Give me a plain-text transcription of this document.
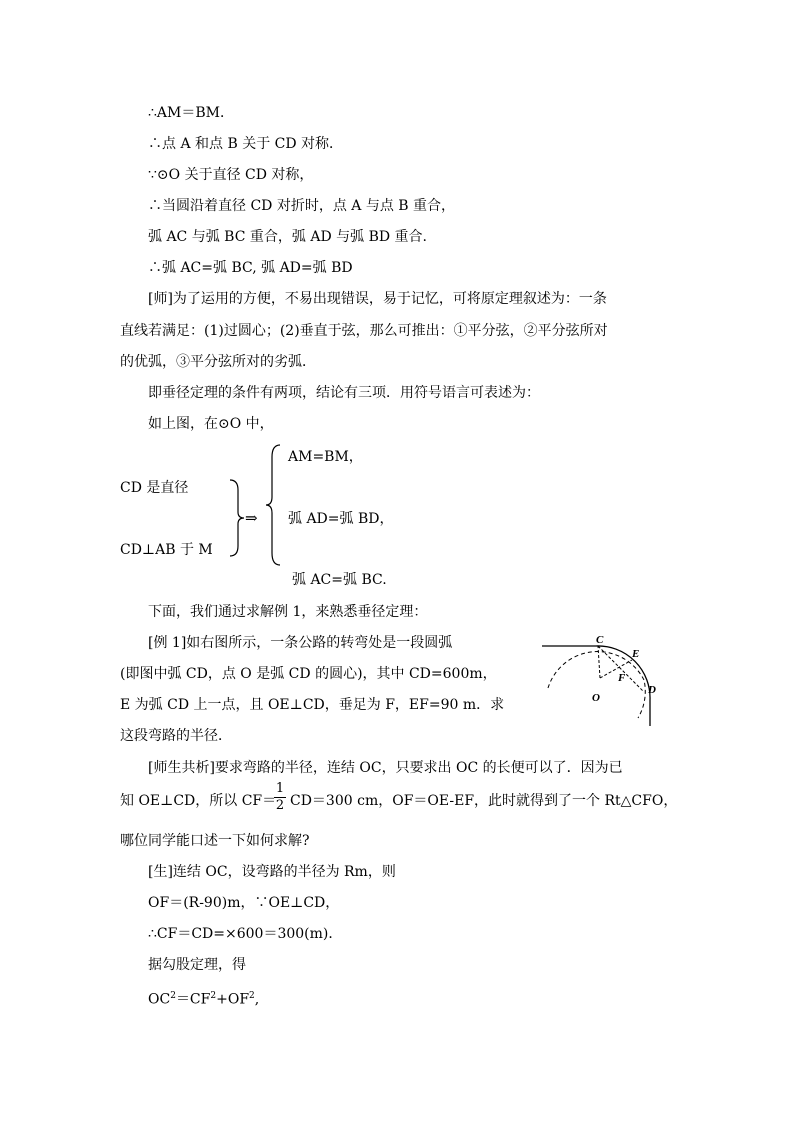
∴AM＝BM．
∴点 A 和点 B 关于 CD 对称．
∵⊙O 关于直径 CD 对称，
∴当圆沿着直径 CD 对折时，点 A 与点 B 重合，
弧 AC 与弧 BC 重合，弧 AD 与弧 BD 重合.
∴弧 AC=弧 BC, 弧 AD=弧 BD
[师]为了运用的方便，不易出现错误，易于记忆，可将原定理叙述为：一条
直线若满足：(1)过圆心；(2)垂直于弦，那么可推出：①平分弦，②平分弦所对
的优弧，③平分弦所对的劣弧．
即垂径定理的条件有两项，结论有三项．用符号语言可表述为：
如上图，在⊙O 中，
CD 是直径
CD⊥AB 于 M
⇒
AM=BM，
弧 AD=弧 BD，
弧 AC=弧 BC.
下面，我们通过求解例 1，来熟悉垂径定理：
[例 1]如右图所示，一条公路的转弯处是一段圆弧
(即图中弧 CD，点 O 是弧 CD 的圆心)，其中 CD=600m，
E 为弧 CD 上一点，且 OE⊥CD，垂足为 F，EF=90 m．求
这段弯路的半径．
C
E
F
O
D
[师生共析]要求弯路的半径，连结 OC，只要求出 OC 的长便可以了．因为已
知 OE⊥CD，所以 CF＝
1
2 CD＝300 cm，OF＝OE-EF，此时就得到了一个 Rt△CFO，
哪位同学能口述一下如何求解?
[生]连结 OC，设弯路的半径为 Rm，则
OF＝(R-90)m，∵OE⊥CD，
∴CF＝CD=×600＝300(m)．
据勾股定理，得
$OC^2=CF^2+OF^2$,
